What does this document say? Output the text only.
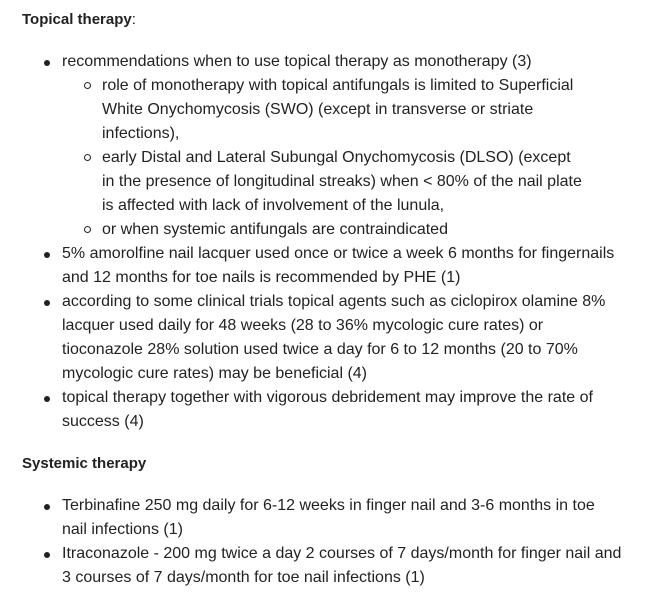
Topical therapy:

recommendations when to use topical therapy as monotherapy (3)
role of monotherapy with topical antifungals is limited to Superficial White Onychomycosis (SWO) (except in transverse or striate infections),
early Distal and Lateral Subungal Onychomycosis (DLSO) (except in the presence of longitudinal streaks) when < 80% of the nail plate is affected with lack of involvement of the lunula,
or when systemic antifungals are contraindicated
5% amorolfine nail lacquer used once or twice a week 6 months for fingernails and 12 months for toe nails is recommended by PHE (1)
according to some clinical trials topical agents such as ciclopirox olamine 8% lacquer used daily for 48 weeks (28 to 36% mycologic cure rates) or tioconazole 28% solution used twice a day for 6 to 12 months (20 to 70% mycologic cure rates) may be beneficial (4)
topical therapy together with vigorous debridement may improve the rate of success (4)

Systemic therapy

Terbinafine 250 mg daily for 6-12 weeks in finger nail and 3-6 months in toe nail infections (1)
Itraconazole - 200 mg twice a day 2 courses of 7 days/month for finger nail and 3 courses of 7 days/month for toe nail infections (1)
